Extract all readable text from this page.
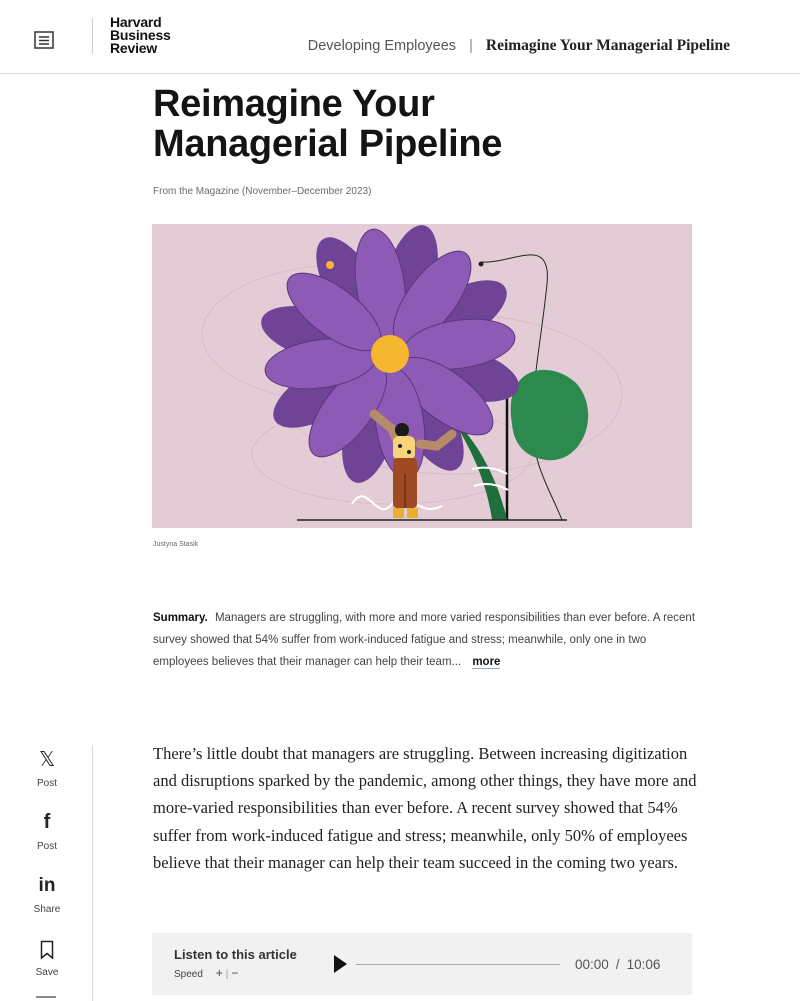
Harvard
Business
Review	Developing Employees | Reimagine Your Managerial Pipeline
Reimagine Your
Managerial Pipeline
From the Magazine (November–December 2023)
Justyna Stasik

Summary. Managers are struggling, with more and more varied responsibilities than ever before. A recent survey showed that 54% suffer from work-induced fatigue and stress; meanwhile, only one in two employees believes that their manager can help their team... more

𝕏
Post
f
Post
in
Share
Save

There’s little doubt that managers are struggling. Between increasing digitization and disruptions sparked by the pandemic, among other things, they have more and more-varied responsibilities than ever before. A recent survey showed that 54% suffer from work-induced fatigue and stress; meanwhile, only 50% of employees believe that their manager can help their team succeed in the coming two years.

Listen to this article
Speed + | −
00:00 / 10:06
